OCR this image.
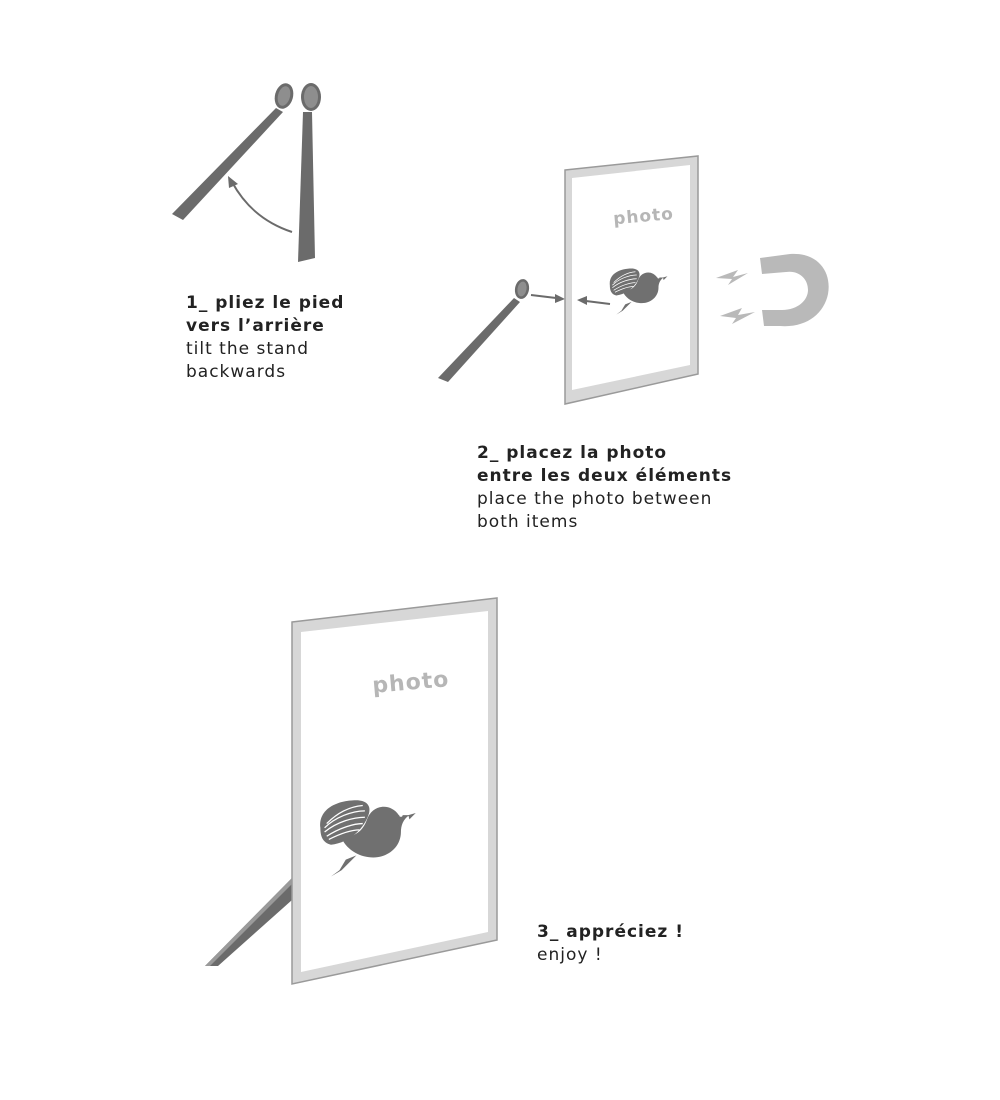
photo
photo
1_ pliez le pied
vers l’arrière
tilt the stand
backwards
2_ placez la photo
entre les deux éléments
place the photo between
both items
3_ appréciez !
enjoy !
